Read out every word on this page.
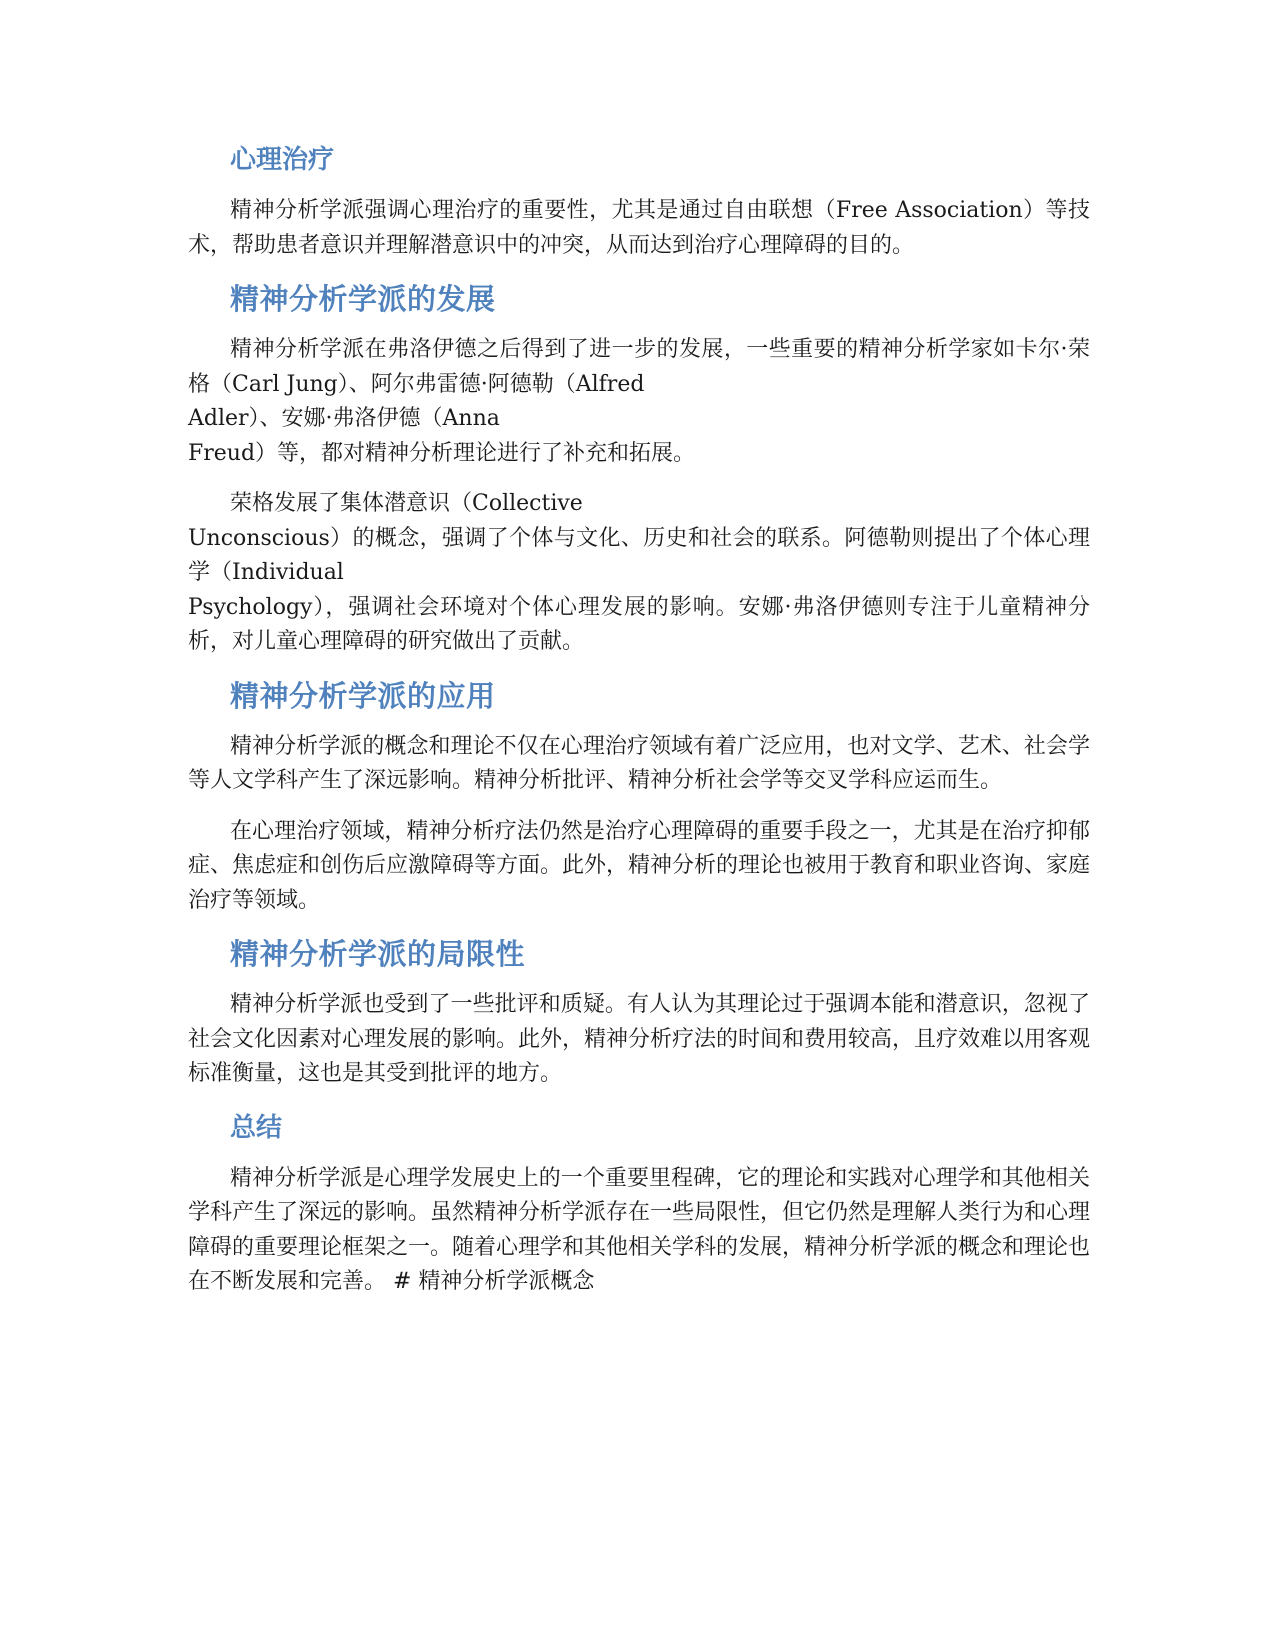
心理治疗

精神分析学派强调心理治疗的重要性，尤其是通过自由联想（Free Association）等技术，帮助患者意识并理解潜意识中的冲突，从而达到治疗心理障碍的目的。

精神分析学派的发展

精神分析学派在弗洛伊德之后得到了进一步的发展，一些重要的精神分析学家如卡尔·荣格（Carl Jung）、阿尔弗雷德·阿德勒（Alfred
Adler）、安娜·弗洛伊德（Anna
Freud）等，都对精神分析理论进行了补充和拓展。

荣格发展了集体潜意识（Collective
Unconscious）的概念，强调了个体与文化、历史和社会的联系。阿德勒则提出了个体心理学（Individual
Psychology），强调社会环境对个体心理发展的影响。安娜·弗洛伊德则专注于儿童精神分析，对儿童心理障碍的研究做出了贡献。

精神分析学派的应用

精神分析学派的概念和理论不仅在心理治疗领域有着广泛应用，也对文学、艺术、社会学等人文学科产生了深远影响。精神分析批评、精神分析社会学等交叉学科应运而生。

在心理治疗领域，精神分析疗法仍然是治疗心理障碍的重要手段之一，尤其是在治疗抑郁症、焦虑症和创伤后应激障碍等方面。此外，精神分析的理论也被用于教育和职业咨询、家庭治疗等领域。

精神分析学派的局限性

精神分析学派也受到了一些批评和质疑。有人认为其理论过于强调本能和潜意识，忽视了社会文化因素对心理发展的影响。此外，精神分析疗法的时间和费用较高，且疗效难以用客观标准衡量，这也是其受到批评的地方。

总结

精神分析学派是心理学发展史上的一个重要里程碑，它的理论和实践对心理学和其他相关学科产生了深远的影响。虽然精神分析学派存在一些局限性，但它仍然是理解人类行为和心理障碍的重要理论框架之一。随着心理学和其他相关学科的发展，精神分析学派的概念和理论也在不断发展和完善。 # 精神分析学派概念
